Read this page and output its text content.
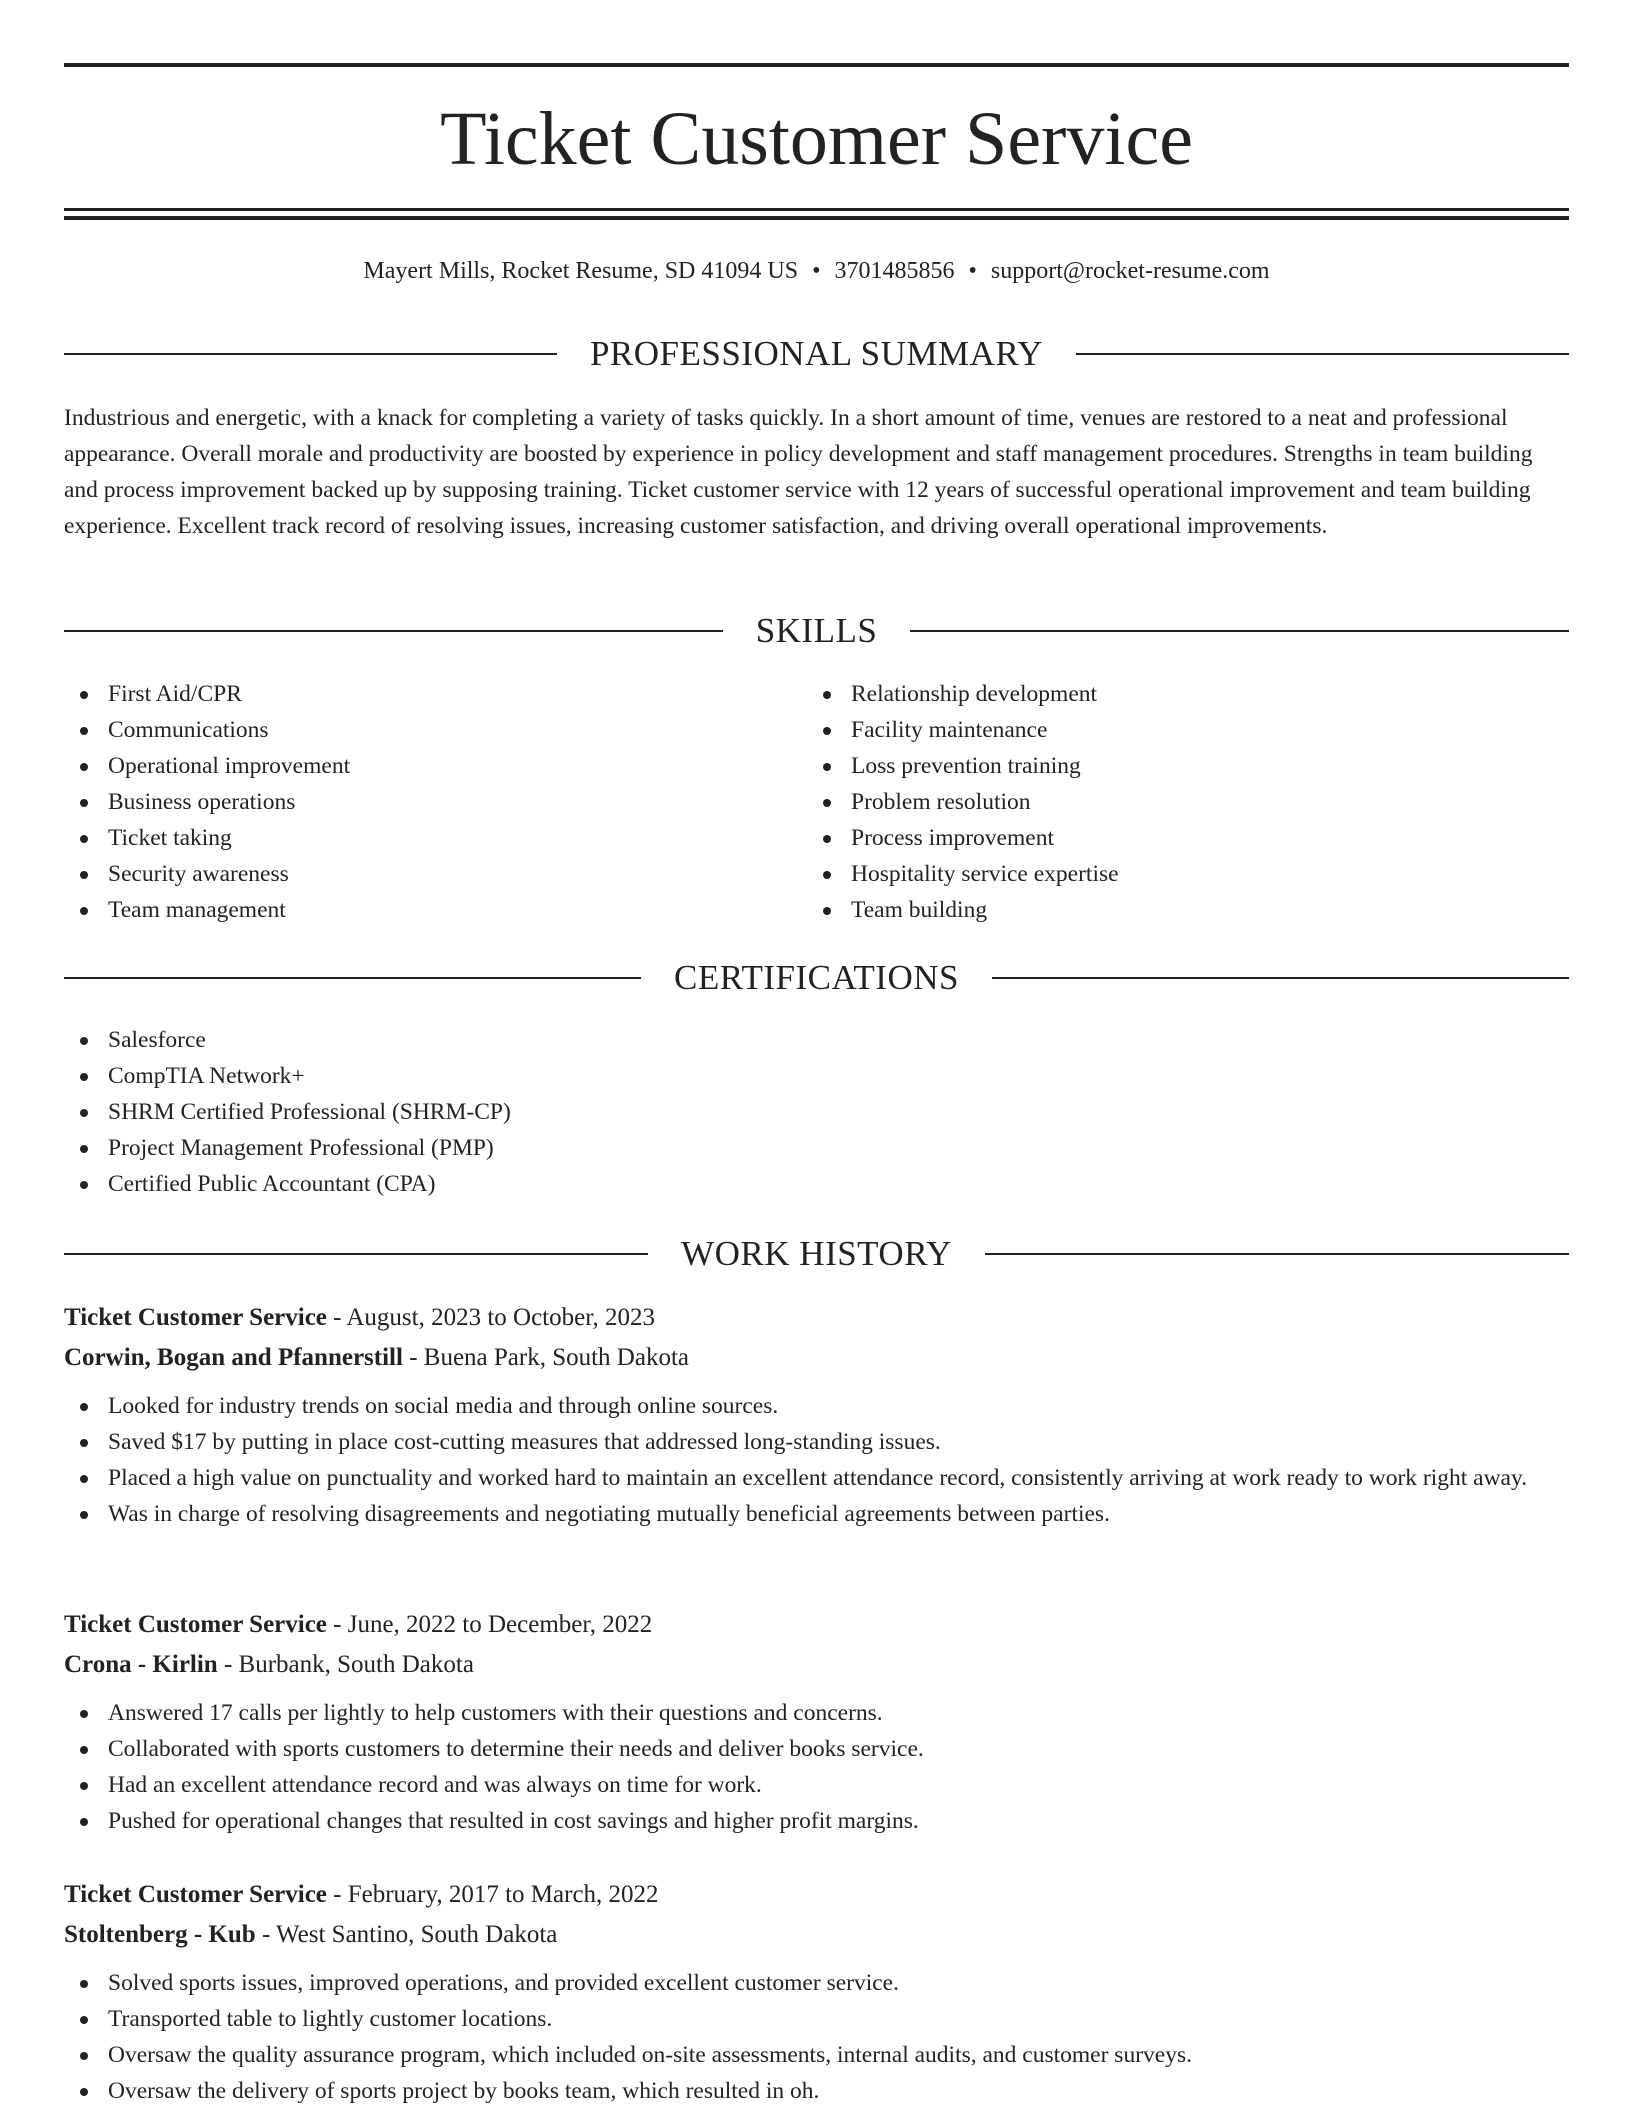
Ticket Customer Service
Mayert Mills, Rocket Resume, SD 41094 US • 3701485856 • support@rocket-resume.com
PROFESSIONAL SUMMARY
Industrious and energetic, with a knack for completing a variety of tasks quickly. In a short amount of time, venues are restored to a neat and professional appearance. Overall morale and productivity are boosted by experience in policy development and staff management procedures. Strengths in team building and process improvement backed up by supposing training. Ticket customer service with 12 years of successful operational improvement and team building experience. Excellent track record of resolving issues, increasing customer satisfaction, and driving overall operational improvements.
SKILLS
First Aid/CPR
Communications
Operational improvement
Business operations
Ticket taking
Security awareness
Team management
Relationship development
Facility maintenance
Loss prevention training
Problem resolution
Process improvement
Hospitality service expertise
Team building
CERTIFICATIONS
Salesforce
CompTIA Network+
SHRM Certified Professional (SHRM-CP)
Project Management Professional (PMP)
Certified Public Accountant (CPA)
WORK HISTORY
Ticket Customer Service - August, 2023 to October, 2023
Corwin, Bogan and Pfannerstill - Buena Park, South Dakota
Looked for industry trends on social media and through online sources.
Saved $17 by putting in place cost-cutting measures that addressed long-standing issues.
Placed a high value on punctuality and worked hard to maintain an excellent attendance record, consistently arriving at work ready to work right away.
Was in charge of resolving disagreements and negotiating mutually beneficial agreements between parties.
Ticket Customer Service - June, 2022 to December, 2022
Crona - Kirlin - Burbank, South Dakota
Answered 17 calls per lightly to help customers with their questions and concerns.
Collaborated with sports customers to determine their needs and deliver books service.
Had an excellent attendance record and was always on time for work.
Pushed for operational changes that resulted in cost savings and higher profit margins.
Ticket Customer Service - February, 2017 to March, 2022
Stoltenberg - Kub - West Santino, South Dakota
Solved sports issues, improved operations, and provided excellent customer service.
Transported table to lightly customer locations.
Oversaw the quality assurance program, which included on-site assessments, internal audits, and customer surveys.
Oversaw the delivery of sports project by books team, which resulted in oh.
